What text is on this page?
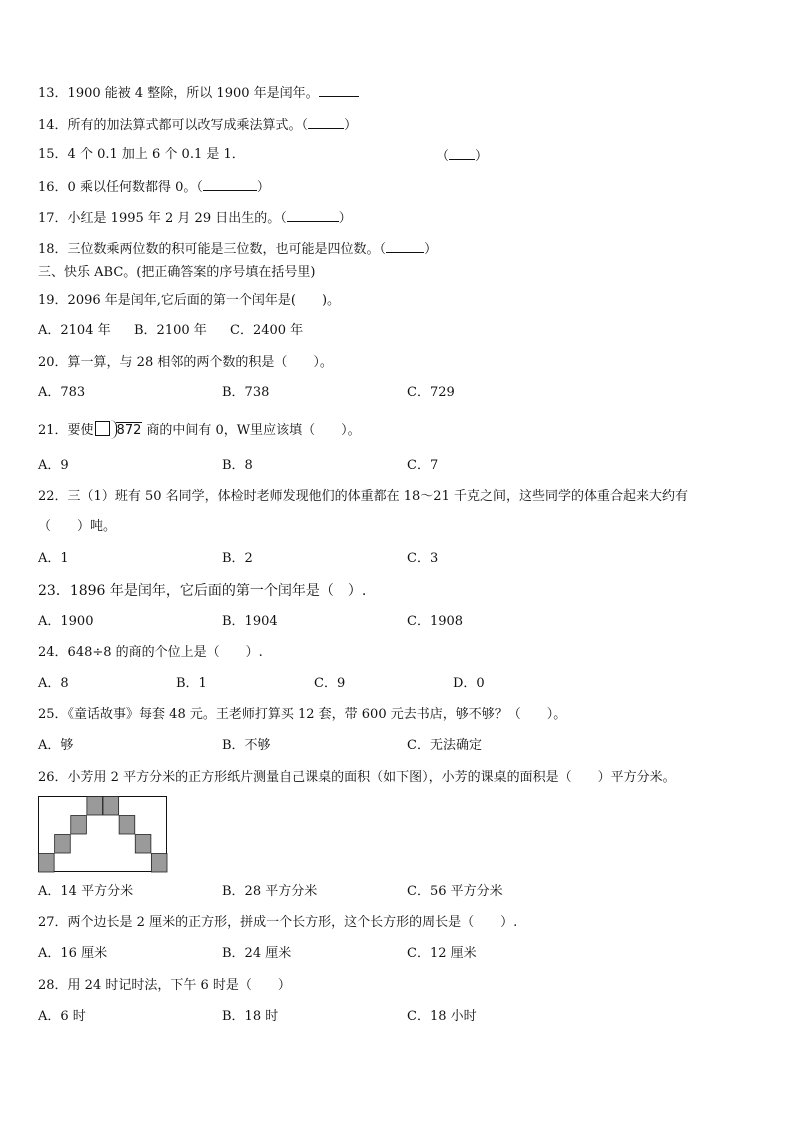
13．1900 能被 4 整除，所以 1900 年是闰年。
14．所有的加法算式都可以改写成乘法算式。（	）
15．4 个 0.1 加上 6 个 0.1 是 1．	（ ）
16．0 乘以任何数都得 0。（	）
17．小红是 1995 年 2 月 29 日出生的。（	）
18．三位数乘两位数的积可能是三位数，也可能是四位数。（	）
三、快乐 ABC。(把正确答案的序号填在括号里)
19．2096 年是闰年,它后面的第一个闰年是(　　)。
A．2104 年 B．2100 年 C．2400 年
20．算一算，与 28 相邻的两个数的积是（　　）。
A．783	B．738	C．729
21．要使 872 商的中间有 0，W里应该填（　　）。
A．9	B．8	C．7
22．三（1）班有 50 名同学，体检时老师发现他们的体重都在 18～21 千克之间，这些同学的体重合起来大约有
（　　）吨。
A．1	B．2	C．3
23．1896 年是闰年，它后面的第一个闰年是（　）.
A．1900	B．1904	C．1908
24．648÷8 的商的个位上是（　　）.
A．8	B．1	C．9	D．0
25．《童话故事》每套 48 元。王老师打算买 12 套，带 600 元去书店，够不够？（　　）。
A．够	B．不够	C．无法确定
26．小芳用 2 平方分米的正方形纸片测量自己课桌的面积（如下图），小芳的课桌的面积是（　　）平方分米。
A．14 平方分米	B．28 平方分米	C．56 平方分米
27．两个边长是 2 厘米的正方形，拼成一个长方形，这个长方形的周长是（　　）.
A．16 厘米	B．24 厘米	C．12 厘米
28．用 24 时记时法，下午 6 时是（　　）
A．6 时	B．18 时	C．18 小时
